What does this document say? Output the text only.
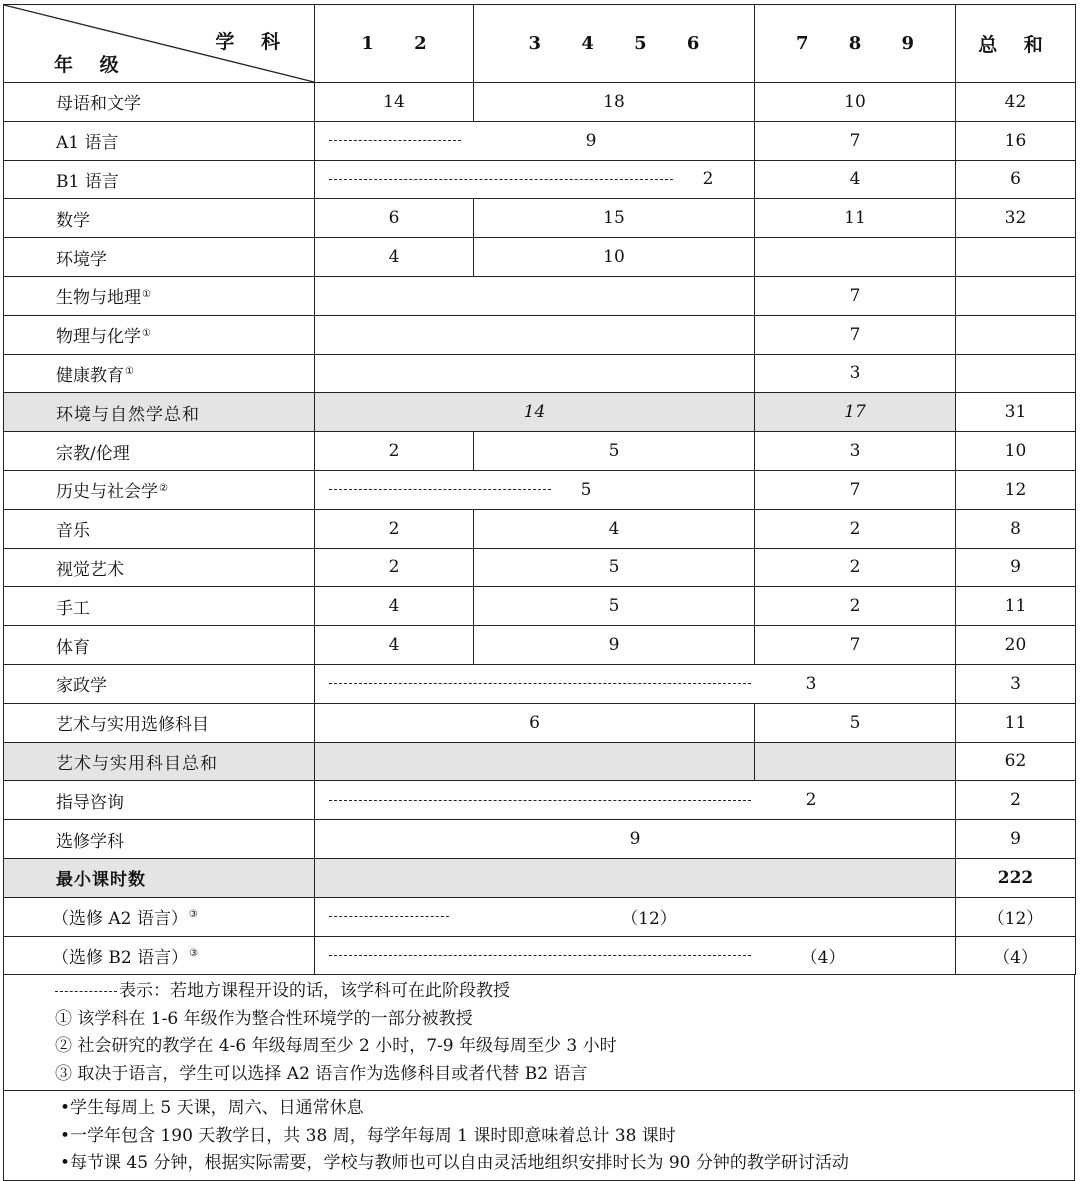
学 科
年 级	1 2	3 4 5 6	7 8 9	总 和
母语和文学	14	18	10	42
A1 语言	9		7	16
B1 语言	2		4	6
数学	6	15	11	32
环境学	4	10		
生物与地理①			7	
物理与化学①			7	
健康教育①			3	
环境与自然学总和	14		17	31
宗教/伦理	2	5	3	10
历史与社会学②	5		7	12
音乐	2	4	2	8
视觉艺术	2	5	2	9
手工	4	5	2	11
体育	4	9	7	20
家政学	3			3
艺术与实用选修科目	6		5	11
艺术与实用科目总和				62
指导咨询	2			2
选修学科	9			9
最小课时数				222
（选修 A2 语言）③	（12）			（12）
（选修 B2 语言）③	（4）			（4）
表示：若地方课程开设的话，该学科可在此阶段教授
① 该学科在 1-6 年级作为整合性环境学的一部分被教授
② 社会研究的教学在 4-6 年级每周至少 2 小时，7-9 年级每周至少 3 小时
③ 取决于语言，学生可以选择 A2 语言作为选修科目或者代替 B2 语言

•学生每周上 5 天课，周六、日通常休息
•一学年包含 190 天教学日，共 38 周，每学年每周 1 课时即意味着总计 38 课时
•每节课 45 分钟，根据实际需要，学校与教师也可以自由灵活地组织安排时长为 90 分钟的教学研讨活动
